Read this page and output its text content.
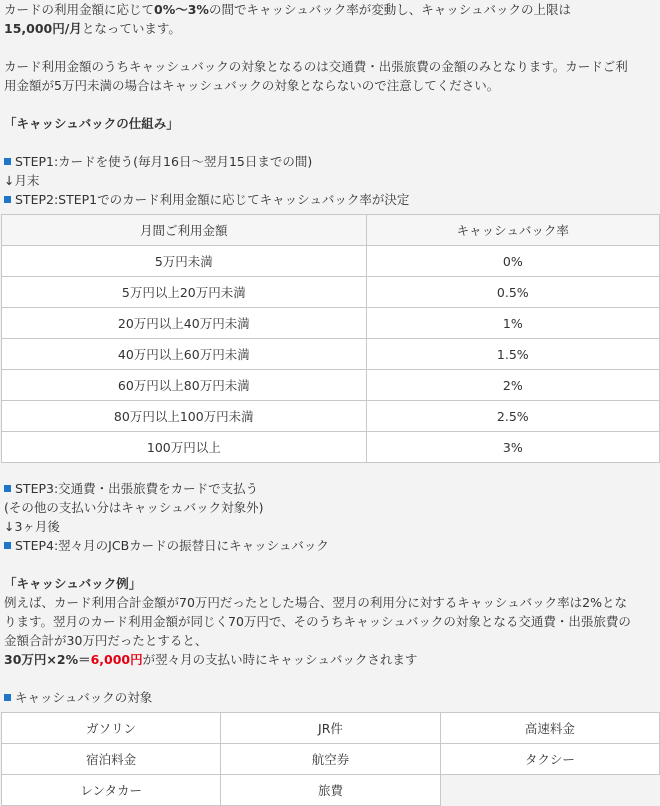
カードの利用金額に応じて0%〜3%の間でキャッシュバック率が変動し、キャッシュバックの上限は

15,000円/月となっています。

カード利用金額のうちキャッシュバックの対象となるのは交通費・出張旅費の金額のみとなります。カードご利

用金額が5万円未満の場合はキャッシュバックの対象とならないので注意してください。

「キャッシュバックの仕組み」

STEP1:カードを使う(毎月16日〜翌月15日までの間)

↓月末

STEP2:STEP1でのカード利用金額に応じてキャッシュバック率が決定

月間ご利用金額	キャッシュバック率
5万円未満	0%
5万円以上20万円未満	0.5%
20万円以上40万円未満	1%
40万円以上60万円未満	1.5%
60万円以上80万円未満	2%
80万円以上100万円未満	2.5%
100万円以上	3%

STEP3:交通費・出張旅費をカードで支払う

(その他の支払い分はキャッシュバック対象外)

↓3ヶ月後

STEP4:翌々月のJCBカードの振替日にキャッシュバック

「キャッシュバック例」

例えば、カード利用合計金額が70万円だったとした場合、翌月の利用分に対するキャッシュバック率は2%とな

ります。翌月のカード利用金額が同じく70万円で、そのうちキャッシュバックの対象となる交通費・出張旅費の

金額合計が30万円だったとすると、

30万円×2%＝6,000円が翌々月の支払い時にキャッシュバックされます

キャッシュバックの対象

ガソリン	JR件	高速料金
宿泊料金	航空券	タクシー
レンタカー	旅費	
